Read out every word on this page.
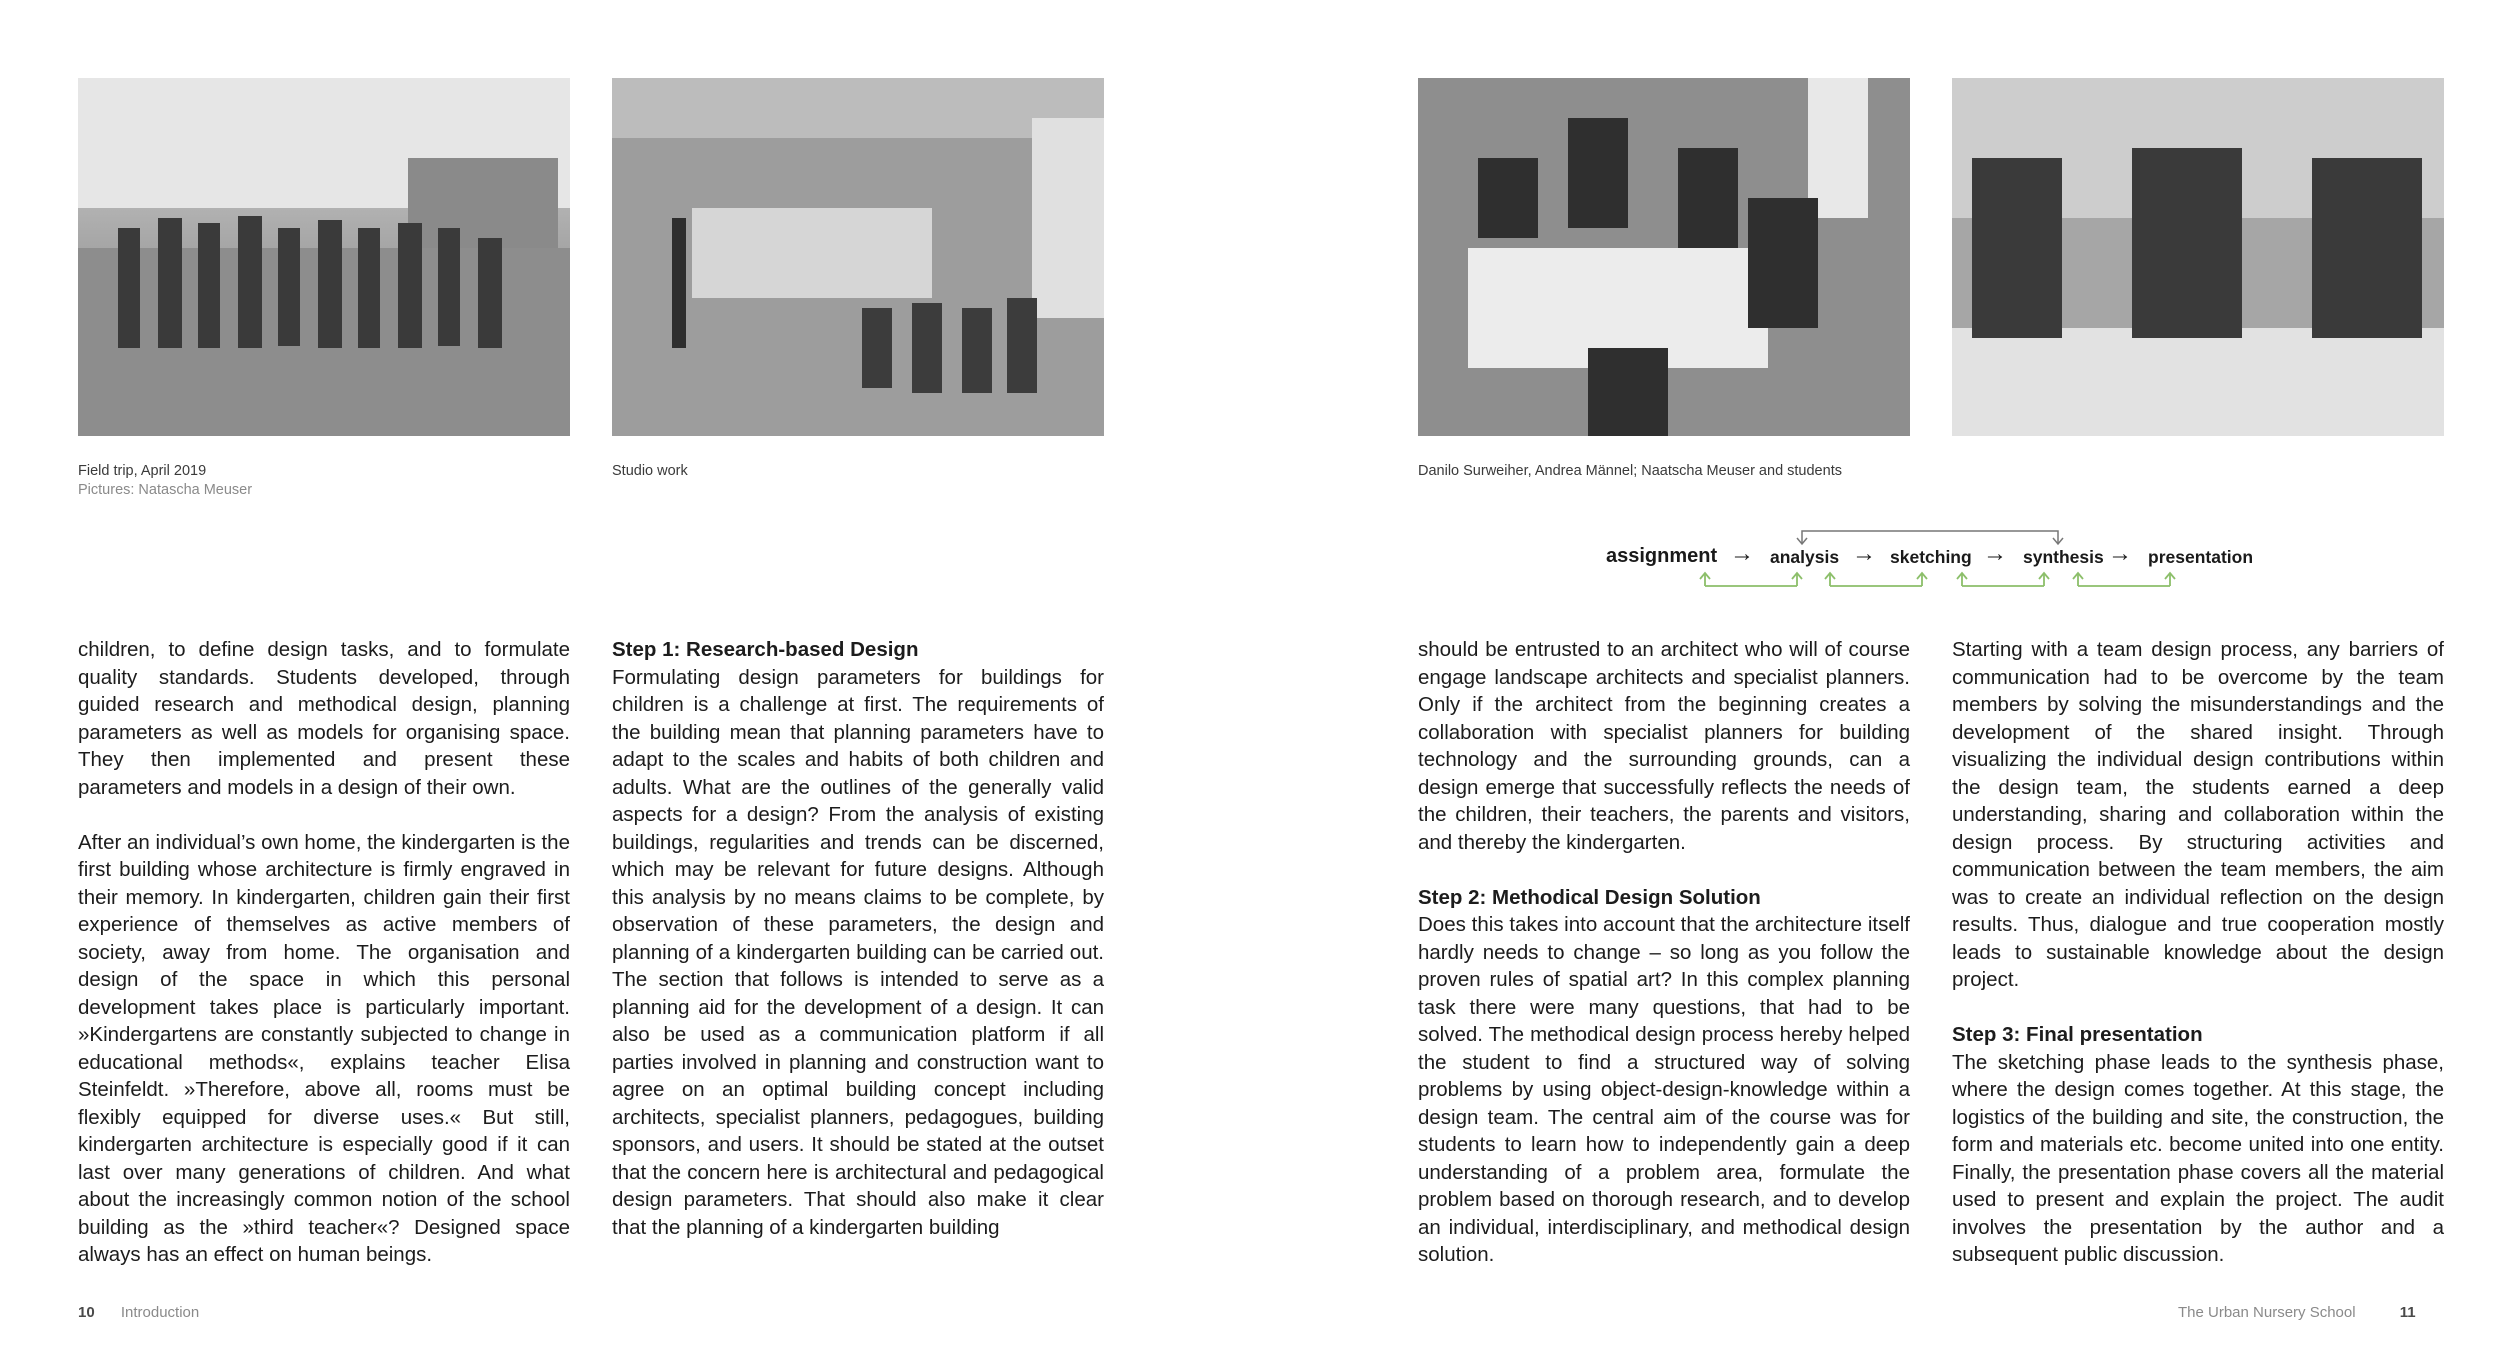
Field trip, April 2019
Pictures: Natascha Meuser
Studio work	Danilo Surweiher, Andrea Männel; Naatscha Meuser and students
assignment → analysis → sketching → synthesis → presentation

children, to define design tasks, and to formulate quality standards. Students developed, through guided research and methodical design, planning parameters as well as models for organising space. They then implemented and present these parameters and models in a design of their own.

After an individual’s own home, the kindergarten is the first building whose architecture is firmly engraved in their memory. In kindergarten, children gain their first experience of themselves as active members of society, away from home. The organisation and design of the space in which this personal development takes place is particularly important. »Kindergartens are constantly subjected to change in educational methods«, explains teacher Elisa Steinfeldt. »Therefore, above all, rooms must be flexibly equipped for diverse uses.« But still, kindergarten architecture is especially good if it can last over many generations of children. And what about the increasingly common notion of the school building as the »third teacher«? Designed space always has an effect on human beings.

Step 1: Research-based Design

Formulating design parameters for buildings for children is a challenge at first. The requirements of the building mean that planning parameters have to adapt to the scales and habits of both children and adults. What are the outlines of the generally valid aspects for a design? From the analysis of existing buildings, regularities and trends can be discerned, which may be relevant for future designs. Although this analysis by no means claims to be complete, by observation of these parameters, the design and planning of a kindergarten building can be carried out. The section that follows is intended to serve as a planning aid for the development of a design. It can also be used as a communication platform if all parties involved in planning and construction want to agree on an optimal building concept including architects, specialist planners, pedagogues, building sponsors, and users. It should be stated at the outset that the concern here is architectural and pedagogical design parameters. That should also make it clear that the planning of a kindergarten building

should be entrusted to an architect who will of course engage landscape architects and specialist planners. Only if the architect from the beginning creates a collaboration with specialist planners for building technology and the surrounding grounds, can a design emerge that successfully reflects the needs of the children, their teachers, the parents and visitors, and thereby the kindergarten.

Step 2: Methodical Design Solution

Does this takes into account that the architecture itself hardly needs to change – so long as you follow the proven rules of spatial art? In this complex planning task there were many questions, that had to be solved. The methodical design process hereby helped the student to find a structured way of solving problems by using object-design-knowledge within a design team. The central aim of the course was for students to learn how to independently gain a deep understanding of a problem area, formulate the problem based on thorough research, and to develop an individual, interdisciplinary, and methodical design solution.

Starting with a team design process, any barriers of communication had to be overcome by the team members by solving the misunderstandings and the development of the shared insight. Through visualizing the individual design contributions within the design team, the students earned a deep understanding, sharing and collaboration within the design process. By structuring activities and communication between the team members, the aim was to create an individual reflection on the design results. Thus, dialogue and true cooperation mostly leads to sustainable knowledge about the design project.

Step 3: Final presentation

The sketching phase leads to the synthesis phase, where the design comes together. At this stage, the logistics of the building and site, the construction, the form and materials etc. become united into one entity. Finally, the presentation phase covers all the material used to present and explain the project. The audit involves the presentation by the author and a subsequent public discussion.

10 Introduction	The Urban Nursery School	11
